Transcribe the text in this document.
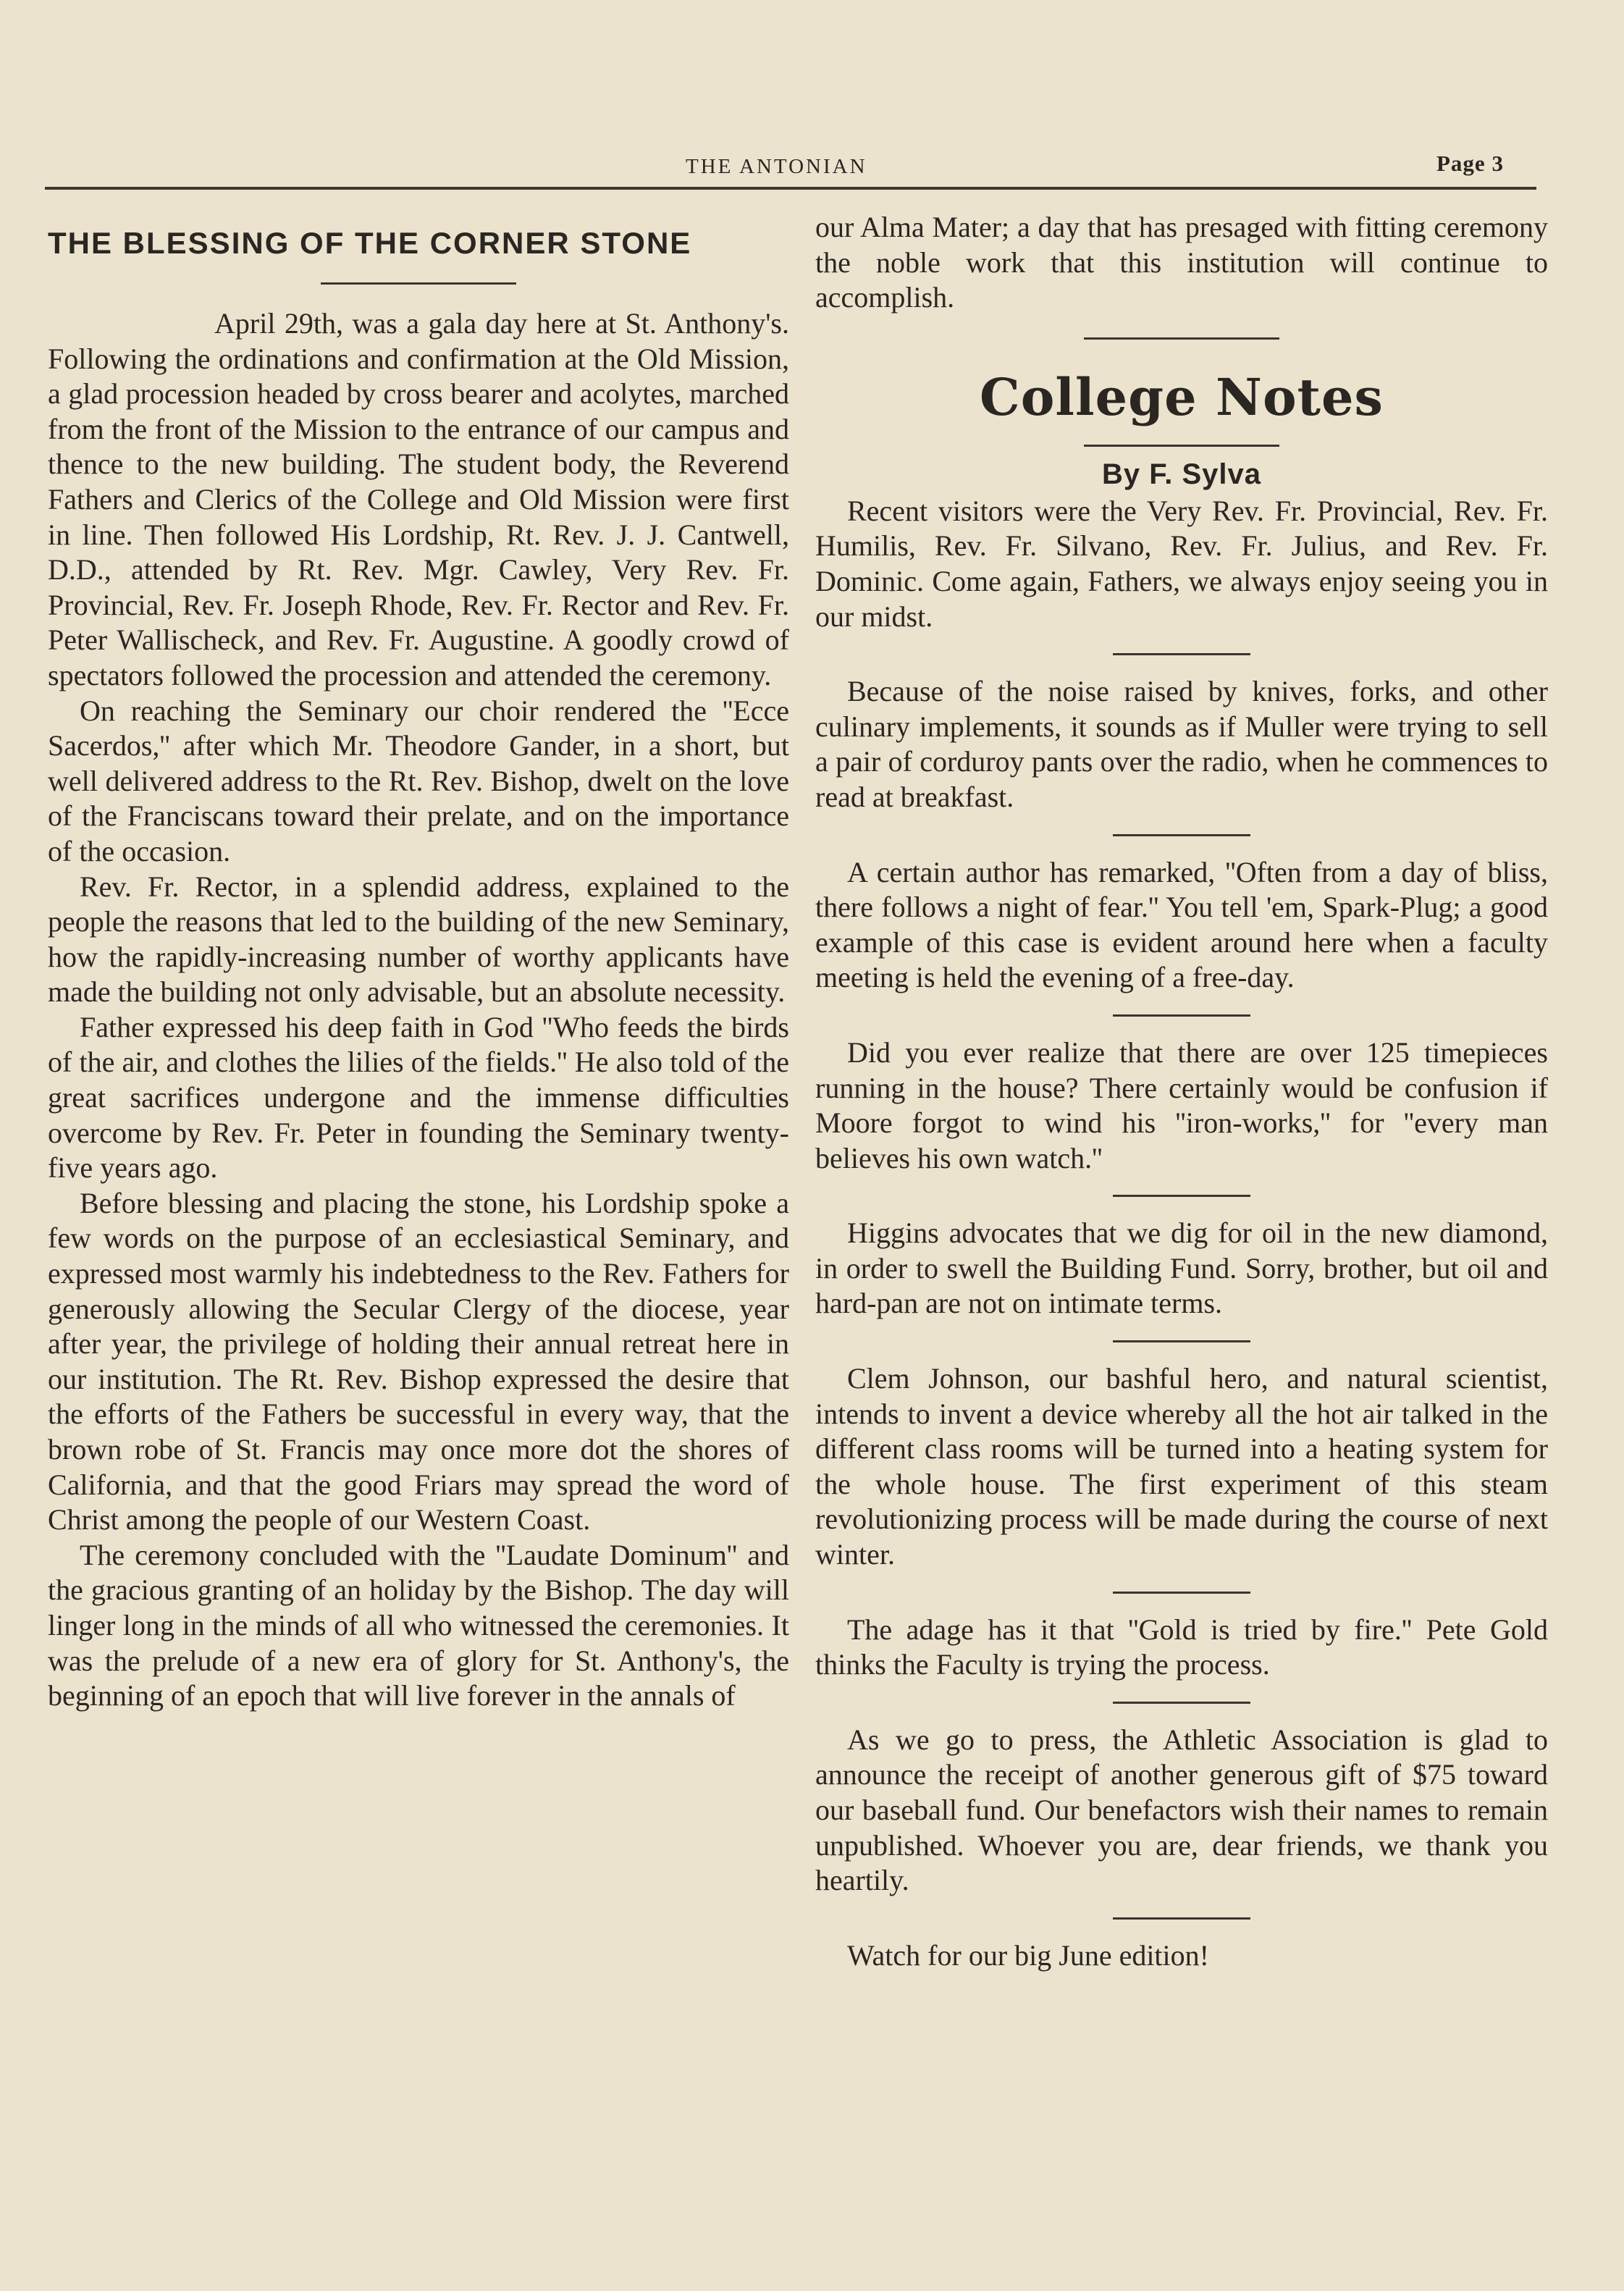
THE ANTONIAN	Page 3
THE BLESSING OF THE CORNER STONE

April 29th, was a gala day here at St. Anthony's. Following the ordinations and confirmation at the Old Mission, a glad procession headed by cross bearer and acolytes, marched from the front of the Mission to the entrance of our campus and thence to the new building. The student body, the Reverend Fathers and Clerics of the College and Old Mission were first in line. Then followed His Lordship, Rt. Rev. J. J. Cantwell, D.D., attended by Rt. Rev. Mgr. Cawley, Very Rev. Fr. Provincial, Rev. Fr. Joseph Rhode, Rev. Fr. Rector and Rev. Fr. Peter Wallischeck, and Rev. Fr. Augustine. A goodly crowd of spectators followed the procession and attended the ceremony.

On reaching the Seminary our choir rendered the ''Ecce Sacerdos,'' after which Mr. Theodore Gander, in a short, but well delivered address to the Rt. Rev. Bishop, dwelt on the love of the Franciscans toward their prelate, and on the importance of the occasion.

Rev. Fr. Rector, in a splendid address, explained to the people the reasons that led to the building of the new Seminary, how the rapidly-increasing number of worthy applicants have made the building not only advisable, but an absolute necessity.

Father expressed his deep faith in God ''Who feeds the birds of the air, and clothes the lilies of the fields.'' He also told of the great sacrifices undergone and the immense difficulties overcome by Rev. Fr. Peter in founding the Seminary twenty-five years ago.

Before blessing and placing the stone, his Lordship spoke a few words on the purpose of an ecclesiastical Seminary, and expressed most warmly his indebtedness to the Rev. Fathers for generously allowing the Secular Clergy of the diocese, year after year, the privilege of holding their annual retreat here in our institution. The Rt. Rev. Bishop expressed the desire that the efforts of the Fathers be successful in every way, that the brown robe of St. Francis may once more dot the shores of California, and that the good Friars may spread the word of Christ among the people of our Western Coast.

The ceremony concluded with the ''Laudate Dominum'' and the gracious granting of an holiday by the Bishop. The day will linger long in the minds of all who witnessed the ceremonies. It was the prelude of a new era of glory for St. Anthony's, the beginning of an epoch that will live forever in the annals of

our Alma Mater; a day that has presaged with fitting ceremony the noble work that this institution will continue to accomplish.

College Notes
By F. Sylva

Recent visitors were the Very Rev. Fr. Provincial, Rev. Fr. Humilis, Rev. Fr. Silvano, Rev. Fr. Julius, and Rev. Fr. Dominic. Come again, Fathers, we always enjoy seeing you in our midst.

Because of the noise raised by knives, forks, and other culinary implements, it sounds as if Muller were trying to sell a pair of corduroy pants over the radio, when he commences to read at breakfast.

A certain author has remarked, ''Often from a day of bliss, there follows a night of fear.'' You tell 'em, Spark-Plug; a good example of this case is evident around here when a faculty meeting is held the evening of a free-day.

Did you ever realize that there are over 125 timepieces running in the house? There certainly would be confusion if Moore forgot to wind his ''iron-works,'' for ''every man believes his own watch.''

Higgins advocates that we dig for oil in the new diamond, in order to swell the Building Fund. Sorry, brother, but oil and hard-pan are not on intimate terms.

Clem Johnson, our bashful hero, and natural scientist, intends to invent a device whereby all the hot air talked in the different class rooms will be turned into a heating system for the whole house. The first experiment of this steam revolutionizing process will be made during the course of next winter.

The adage has it that ''Gold is tried by fire.'' Pete Gold thinks the Faculty is trying the process.

As we go to press, the Athletic Association is glad to announce the receipt of another generous gift of $75 toward our baseball fund. Our benefactors wish their names to remain unpublished. Whoever you are, dear friends, we thank you heartily.

Watch for our big June edition!
